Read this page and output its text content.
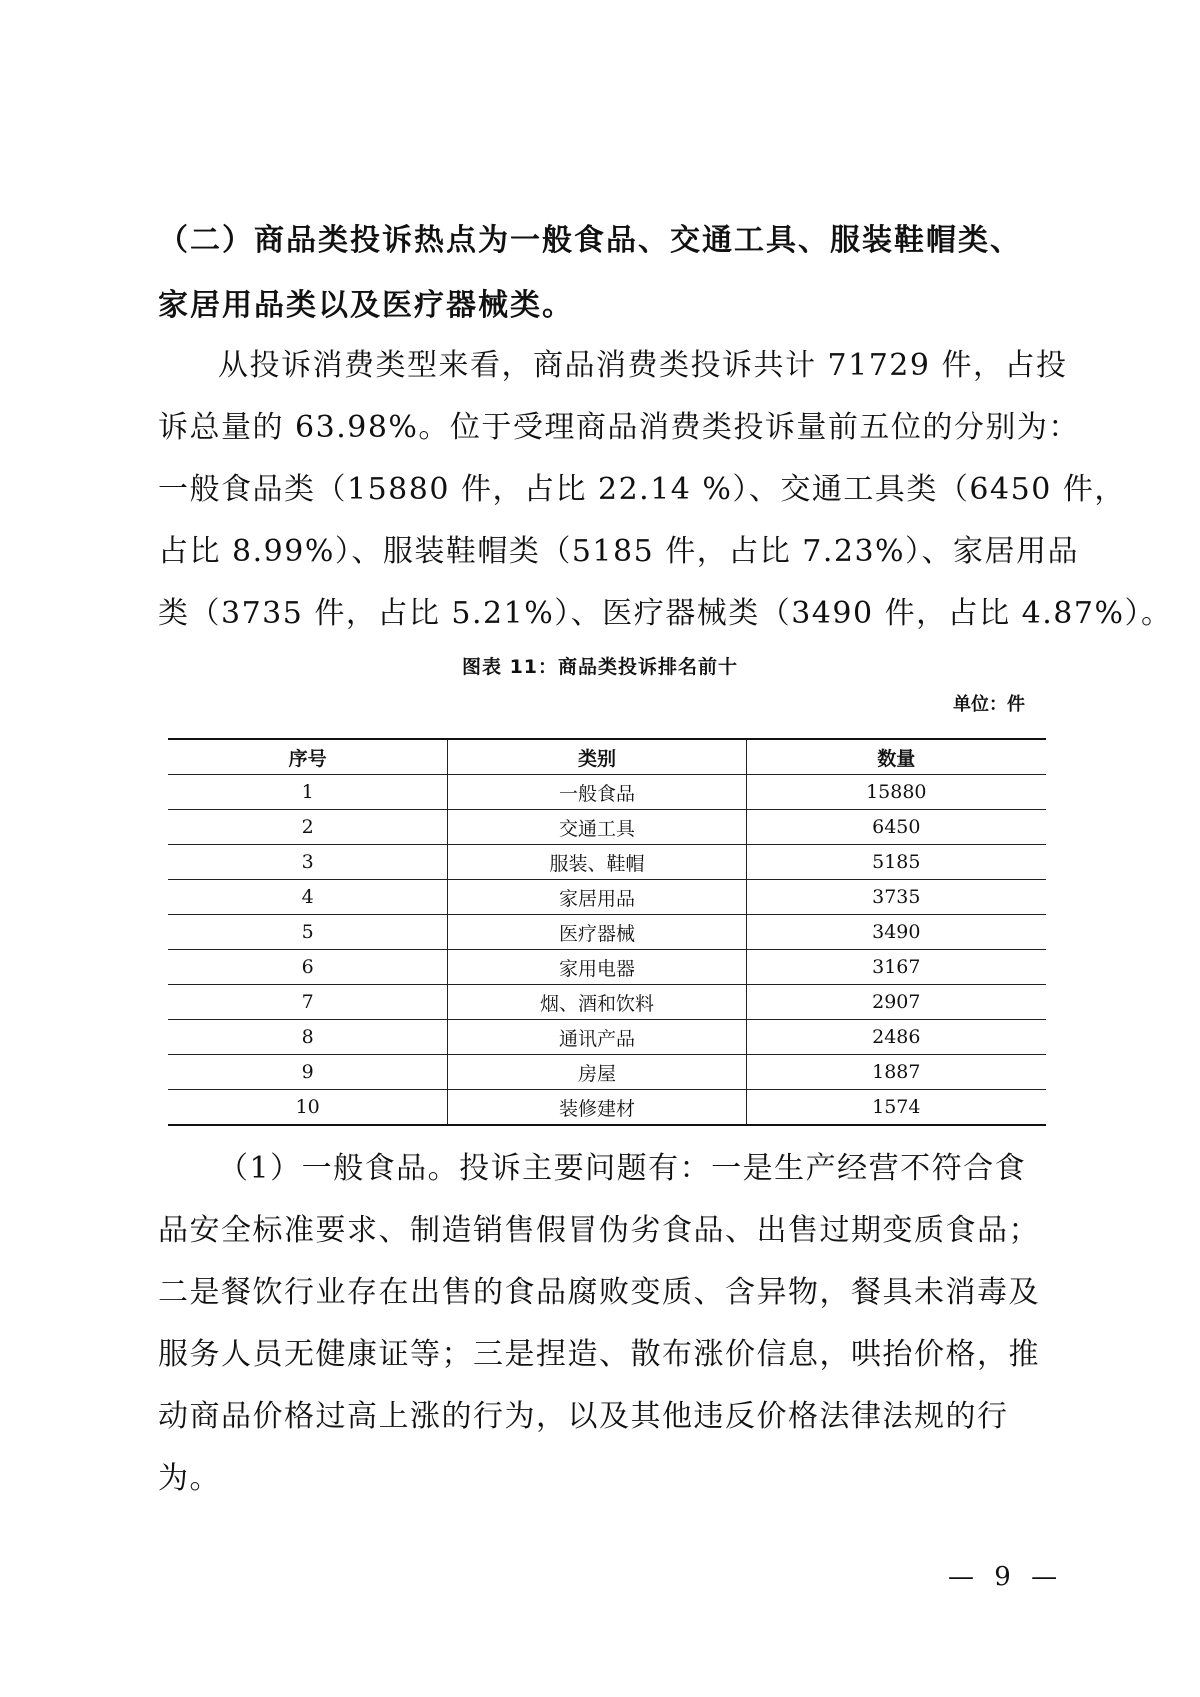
（二）商品类投诉热点为一般食品、交通工具、服装鞋帽类、
家居用品类以及医疗器械类。
从投诉消费类型来看，商品消费类投诉共计 71729 件，占投
诉总量的 63.98%。位于受理商品消费类投诉量前五位的分别为：
一般食品类（15880 件，占比 22.14 %）、交通工具类（6450 件，
占比 8.99%）、服装鞋帽类（5185 件，占比 7.23%）、家居用品
类（3735 件，占比 5.21%）、医疗器械类（3490 件，占比 4.87%）。
图表 11：商品类投诉排名前十
单位：件
序号	类别	数量
1	一般食品	15880
2	交通工具	6450
3	服装、鞋帽	5185
4	家居用品	3735
5	医疗器械	3490
6	家用电器	3167
7	烟、酒和饮料	2907
8	通讯产品	2486
9	房屋	1887
10	装修建材	1574
（1）一般食品。投诉主要问题有：一是生产经营不符合食
品安全标准要求、制造销售假冒伪劣食品、出售过期变质食品；
二是餐饮行业存在出售的食品腐败变质、含异物，餐具未消毒及
服务人员无健康证等；三是捏造、散布涨价信息，哄抬价格，推
动商品价格过高上涨的行为，以及其他违反价格法律法规的行
为。
— 9 —
